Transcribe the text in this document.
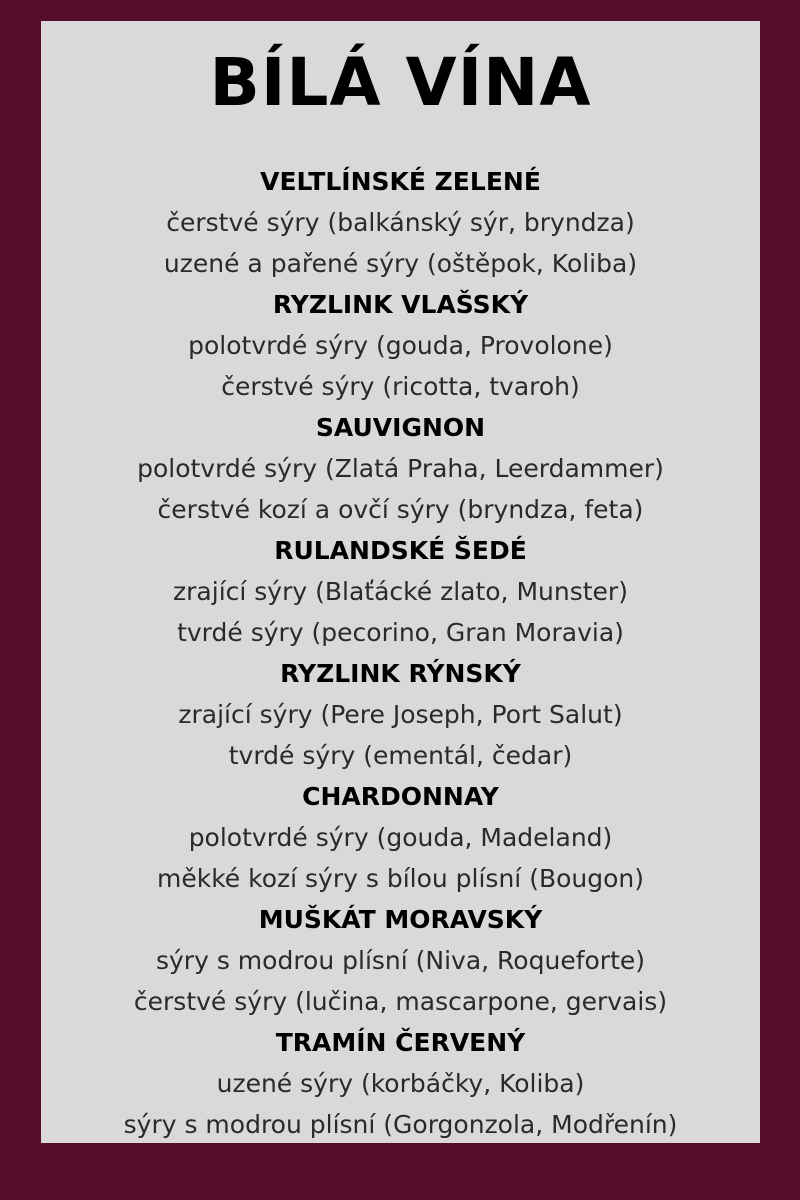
BÍLÁ VÍNA
VELTLÍNSKÉ ZELENÉ
čerstvé sýry (balkánský sýr, bryndza)
uzené a pařené sýry (oštěpok, Koliba)
RYZLINK VLAŠSKÝ
polotvrdé sýry (gouda, Provolone)
čerstvé sýry (ricotta, tvaroh)
SAUVIGNON
polotvrdé sýry (Zlatá Praha, Leerdammer)
čerstvé kozí a ovčí sýry (bryndza, feta)
RULANDSKÉ ŠEDÉ
zrající sýry (Blaťácké zlato, Munster)
tvrdé sýry (pecorino, Gran Moravia)
RYZLINK RÝNSKÝ
zrající sýry (Pere Joseph, Port Salut)
tvrdé sýry (ementál, čedar)
CHARDONNAY
polotvrdé sýry (gouda, Madeland)
měkké kozí sýry s bílou plísní (Bougon)
MUŠKÁT MORAVSKÝ
sýry s modrou plísní (Niva, Roqueforte)
čerstvé sýry (lučina, mascarpone, gervais)
TRAMÍN ČERVENÝ
uzené sýry (korbáčky, Koliba)
sýry s modrou plísní (Gorgonzola, Modřenín)
